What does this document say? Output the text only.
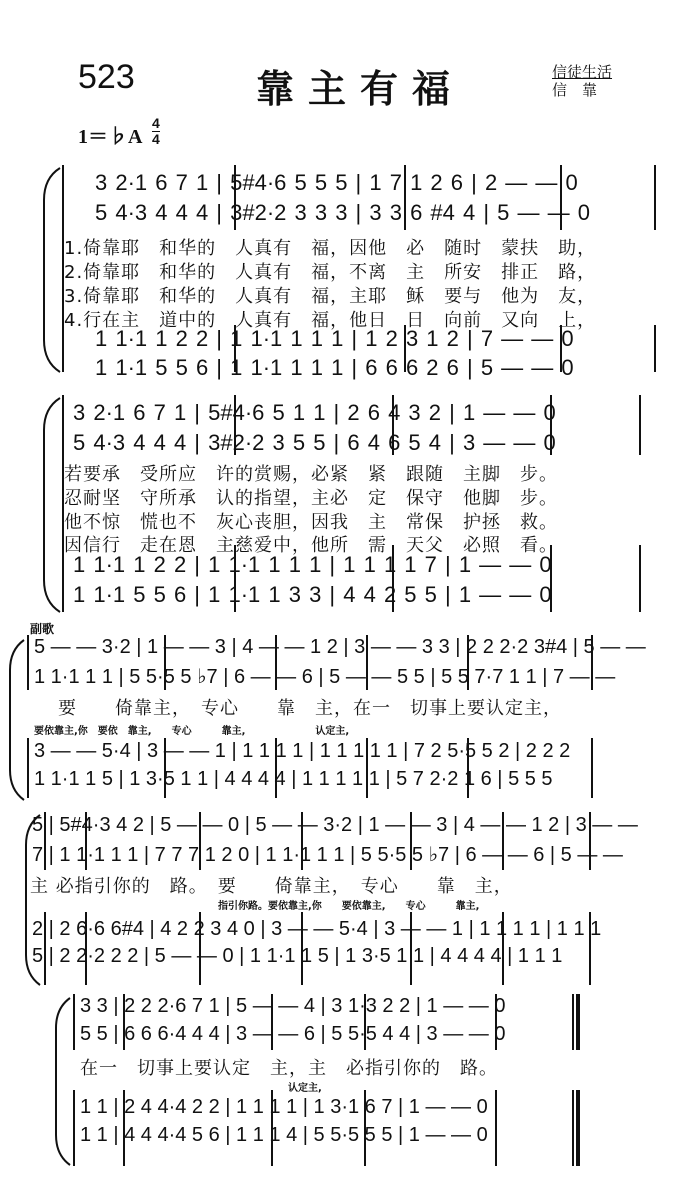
523	靠主有福	信徒生活
信　靠
1＝♭A
4
4
3 2·1 6 7 1 | 5#4·6 5 5 5 | 1 7 1 2 6 | 2 — — 0
5 4·3 4 4 4 | 3#2·2 3 3 3 | 3 3 6 #4 4 | 5 — — 0
1.倚靠耶　和华的　人真有　福，因他　必　随时　蒙扶　助，
2.倚靠耶　和华的　人真有　福，不离　主　所安　排正　路，
3.倚靠耶　和华的　人真有　福，主耶　稣　要与　他为　友，
4.行在主　道中的　人真有　福，他日　日　向前　又向　上，
1 1·1 1 2 2 | 1 1·1 1 1 1 | 1 2 3 1 2 | 7 — — 0
1 1·1 5 5 6 | 1 1·1 1 1 1 | 6 6 6 2 6 | 5 — — 0
3 2·1 6 7 1 | 5#4·6 5 1 1 | 2 6 4 3 2 | 1 — — 0
5 4·3 4 4 4 | 3#2·2 3 5 5 | 6 4 6 5 4 | 3 — — 0
若要承　受所应　许的赏赐，必紧　紧　跟随　主脚　步。
忍耐坚　守所承　认的指望，主必　定　保守　他脚　步。
他不惊　慌也不　灰心丧胆，因我　主　常保　护拯　救。
因信行　走在恩　主慈爱中，他所　需　天父　必照　看。
1 1·1 1 2 2 | 1 1·1 1 1 1 | 1 1 1 1 7 | 1 — — 0
1 1·1 5 5 6 | 1 1·1 1 3 3 | 4 4 2 5 5 | 1 — — 0
副歌
5 — — 3·2 | 1 — — 3 | 4 — — 1 2 | 3 — — 3 3 | 2 2 2·2 3#4 | 5 — —
1 1·1 1 1 | 5 5·5 5 ♭7 | 6 — — 6 | 5 — — 5 5 | 5 5 7·7 1 1 | 7 — —
要　　倚靠主，　专心　　靠　主，在一　切事上要认定主，
要依靠主,你　要依　靠主,　　专心　　　靠主,　　　　　　　认定主,
3 — — 5·4 | 3 — — 1 | 1 1 1 1 | 1 1 1 1 1 | 7 2 5·5 5 2 | 2 2 2
1 1·1 1 5 | 1 3·5 1 1 | 4 4 4 4 | 1 1 1 1 1 | 5 7 2·2 1 6 | 5 5 5
5 | 5#4·3 4 2 | 5 — — 0 | 5 — — 3·2 | 1 — — 3 | 4 — — 1 2 | 3 — —
7 | 1 1·1 1 1 | 7 7 7 1 2 0 | 1 1·1 1 1 | 5 5·5 5 ♭7 | 6 — — 6 | 5 — —
主 必指引你的　路。　要　　倚靠主，　专心　　靠　主，
指引你路。要依靠主,你　　要依靠主,　　专心　　　靠主,
2 | 2 6·6 6#4 | 4 2 2 3 4 0 | 3 — — 5·4 | 3 — — 1 | 1 1 1 1 | 1 1 1
5 | 2 2·2 2 2 | 5 — — 0 | 1 1·1 1 5 | 1 3·5 1 1 | 4 4 4 4 | 1 1 1
3 3 | 2 2 2·6 7 1 | 5 — — 4 | 3 1·3 2 2 | 1 — — 0
5 5 | 6 6 6·4 4 4 | 3 — — 6 | 5 5·5 4 4 | 3 — — 0
在一　切事上要认定　主，主　必指引你的　路。
认定主,
1 1 | 2 4 4·4 2 2 | 1 1 1 1 | 1 3·1 6 7 | 1 — — 0
1 1 | 4 4 4·4 5 6 | 1 1 1 4 | 5 5·5 5 5 | 1 — — 0
